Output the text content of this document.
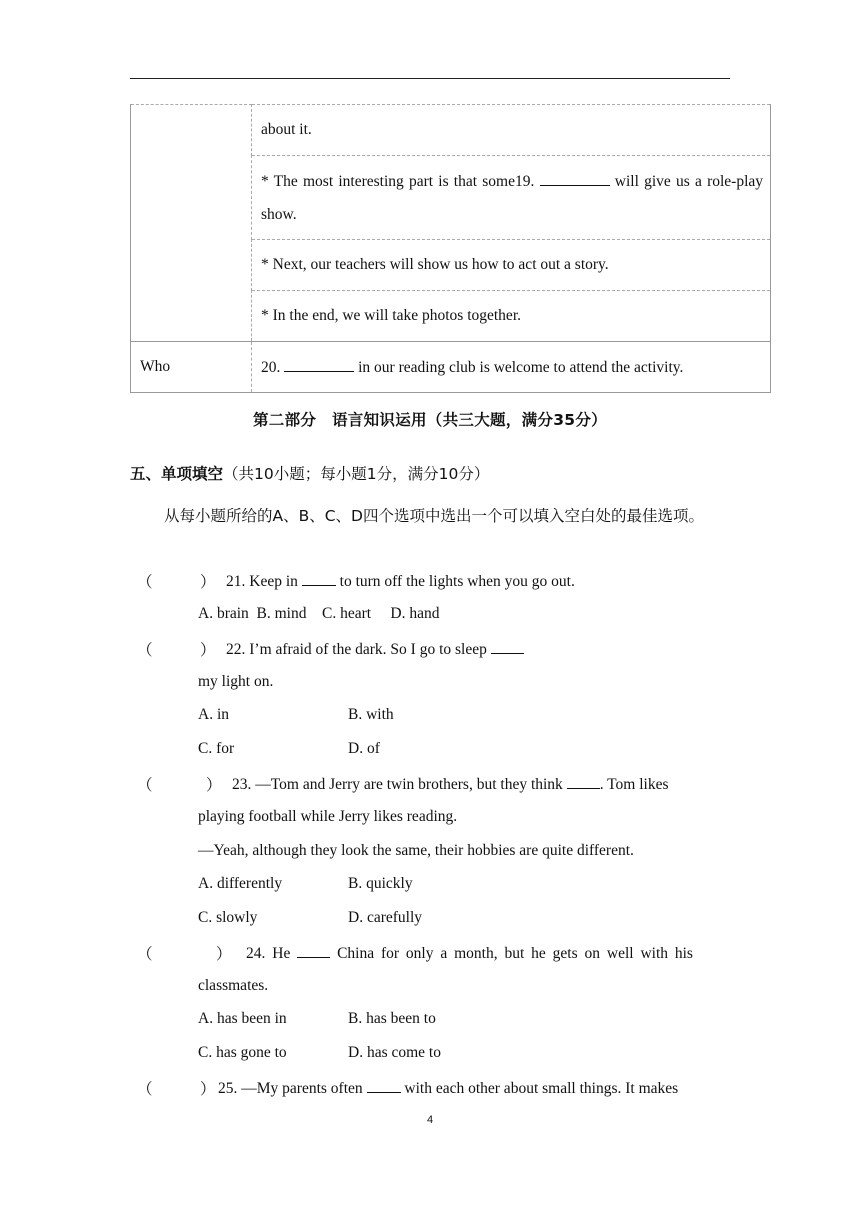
	about it.

	* The most interesting part is that some19. will give us a role-play show.

	* Next, our teachers will show us how to act out a story.
	* In the end, we will take photos together.
Who	20. in our reading club is welcome to attend the activity.
第二部分　语言知识运用（共三大题，满分35分）
五、单项填空（共10小题；每小题1分，满分10分）
从每小题所给的A、B、C、D四个选项中选出一个可以填入空白处的最佳选项。
（	） 21. Keep in	to turn off the lights when you go out.
A. brain  B. mind    C. heart     D. hand
（	） 22. I’m afraid of the dark. So I go to sleep
my light on.
A. in	B. with
C. for	D. of
（	） 23. —Tom and Jerry are twin brothers, but they think . Tom likes
playing football while Jerry likes reading.
—Yeah, although they look the same, their hobbies are quite different.
A. differently	B. quickly
C. slowly	D. carefully
（	） 24. He	China for only a month, but he gets on well with his
classmates.
A. has been in	B. has been to
C. has gone to	D. has come to
（	） 25. —My parents often	with each other about small things. It makes
4
